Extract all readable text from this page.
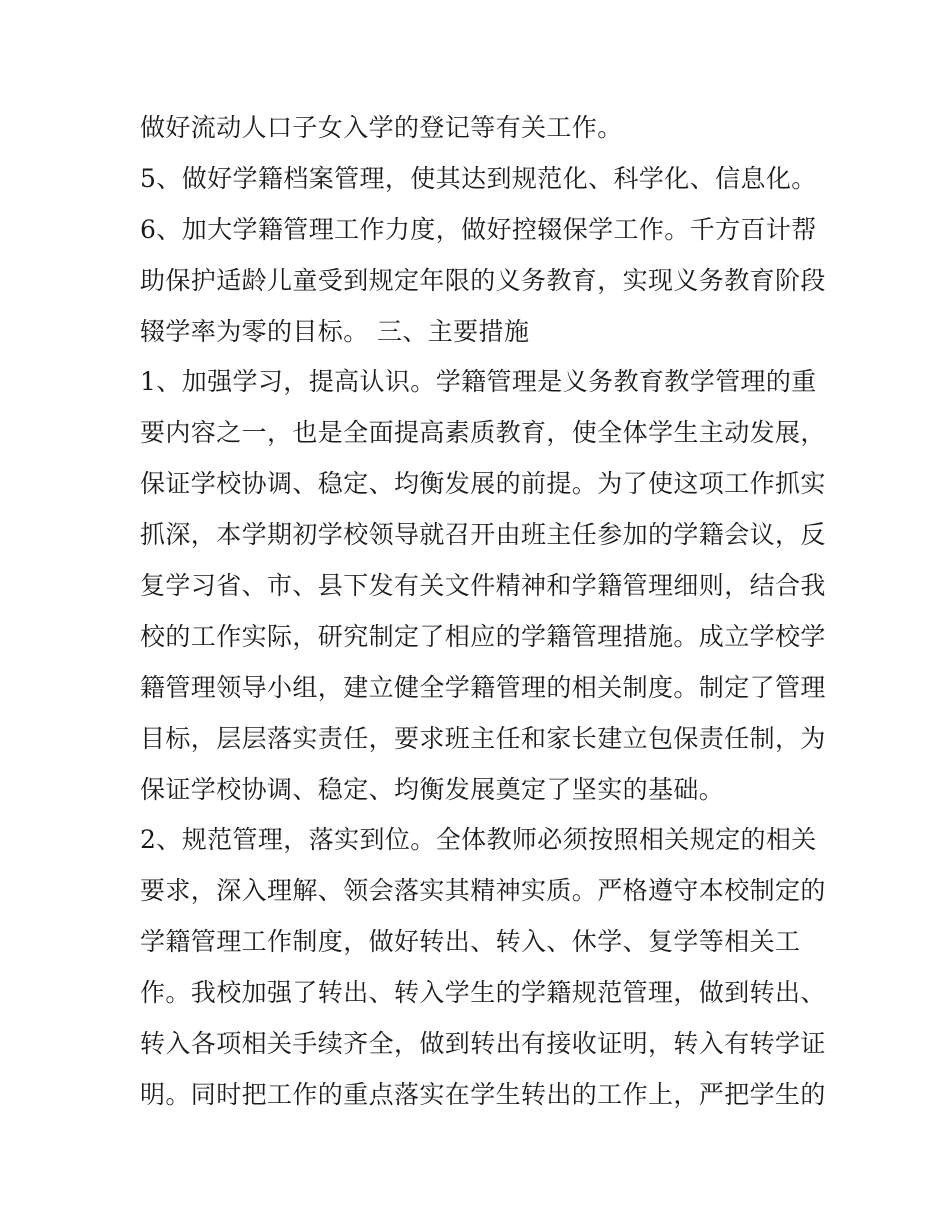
做好流动人口子女入学的登记等有关工作。
5、做好学籍档案管理，使其达到规范化、科学化、信息化。
6、加大学籍管理工作力度，做好控辍保学工作。千方百计帮
助保护适龄儿童受到规定年限的义务教育，实现义务教育阶段
辍学率为零的目标。 三、主要措施
1、加强学习，提高认识。学籍管理是义务教育教学管理的重
要内容之一，也是全面提高素质教育，使全体学生主动发展，
保证学校协调、稳定、均衡发展的前提。为了使这项工作抓实
抓深，本学期初学校领导就召开由班主任参加的学籍会议，反
复学习省、市、县下发有关文件精神和学籍管理细则，结合我
校的工作实际，研究制定了相应的学籍管理措施。成立学校学
籍管理领导小组，建立健全学籍管理的相关制度。制定了管理
目标，层层落实责任，要求班主任和家长建立包保责任制，为
保证学校协调、稳定、均衡发展奠定了坚实的基础。
2、规范管理，落实到位。全体教师必须按照相关规定的相关
要求，深入理解、领会落实其精神实质。严格遵守本校制定的
学籍管理工作制度，做好转出、转入、休学、复学等相关工
作。我校加强了转出、转入学生的学籍规范管理，做到转出、
转入各项相关手续齐全，做到转出有接收证明，转入有转学证
明。同时把工作的重点落实在学生转出的工作上，严把学生的
